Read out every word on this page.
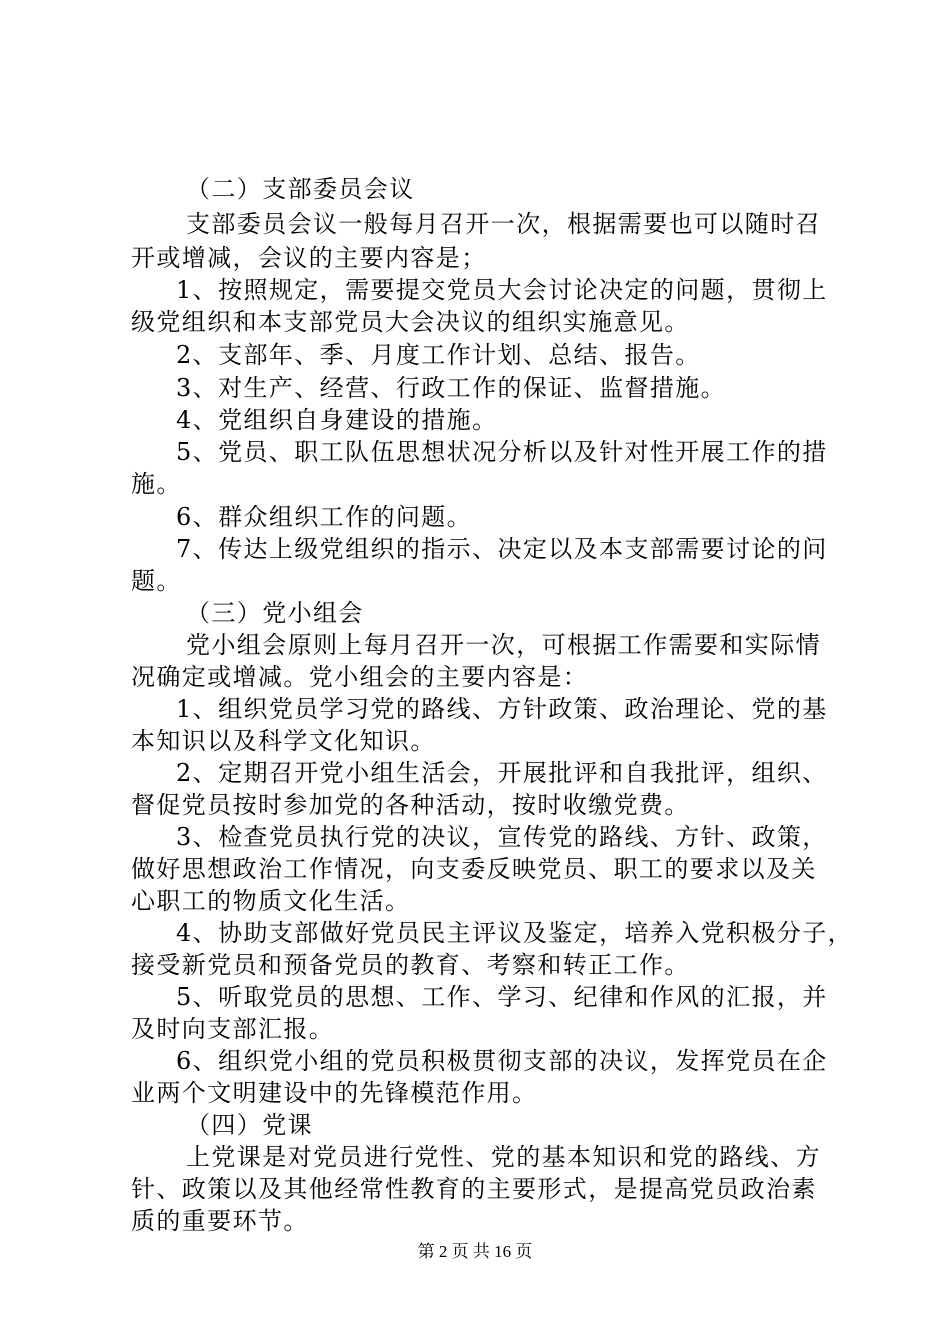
（二）支部委员会议
支部委员会议一般每月召开一次，根据需要也可以随时召
开或增减，会议的主要内容是；
1、按照规定，需要提交党员大会讨论决定的问题，贯彻上
级党组织和本支部党员大会决议的组织实施意见。
2、支部年、季、月度工作计划、总结、报告。
3、对生产、经营、行政工作的保证、监督措施。
4、党组织自身建设的措施。
5、党员、职工队伍思想状况分析以及针对性开展工作的措
施。
6、群众组织工作的问题。
7、传达上级党组织的指示、决定以及本支部需要讨论的问
题。
（三）党小组会
党小组会原则上每月召开一次，可根据工作需要和实际情
况确定或增减。党小组会的主要内容是：
1、组织党员学习党的路线、方针政策、政治理论、党的基
本知识以及科学文化知识。
2、定期召开党小组生活会，开展批评和自我批评，组织、
督促党员按时参加党的各种活动，按时收缴党费。
3、检查党员执行党的决议，宣传党的路线、方针、政策，
做好思想政治工作情况，向支委反映党员、职工的要求以及关
心职工的物质文化生活。
4、协助支部做好党员民主评议及鉴定，培养入党积极分子，
接受新党员和预备党员的教育、考察和转正工作。
5、听取党员的思想、工作、学习、纪律和作风的汇报，并
及时向支部汇报。
6、组织党小组的党员积极贯彻支部的决议，发挥党员在企
业两个文明建设中的先锋模范作用。
（四）党课
上党课是对党员进行党性、党的基本知识和党的路线、方
针、政策以及其他经常性教育的主要形式，是提高党员政治素
质的重要环节。
第 2 页 共 16 页
